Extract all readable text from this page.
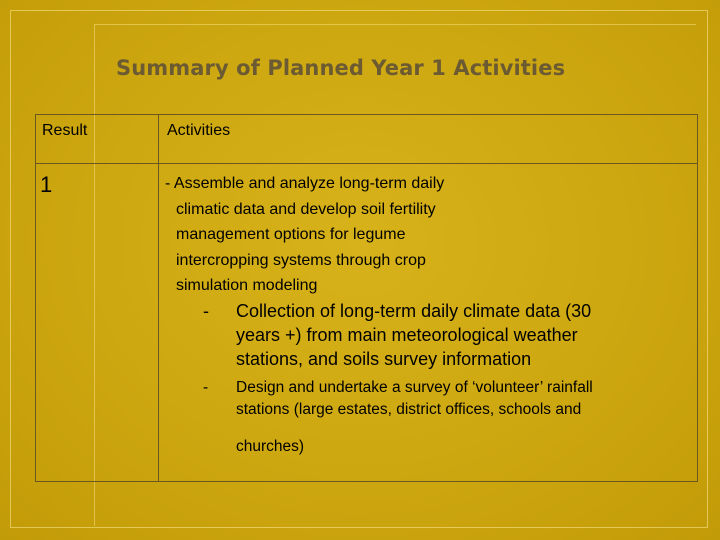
Summary of Planned Year 1 Activities
Result	Activities
1	- Assemble and analyze long-term daily
climatic data and develop soil fertility
management options for legume
intercropping systems through crop
simulation modeling
- Collection of long-term daily climate data (30
years +) from main meteorological weather
stations, and soils survey information
- Design and undertake a survey of ‘volunteer’ rainfall
stations (large estates, district offices, schools and
churches)
